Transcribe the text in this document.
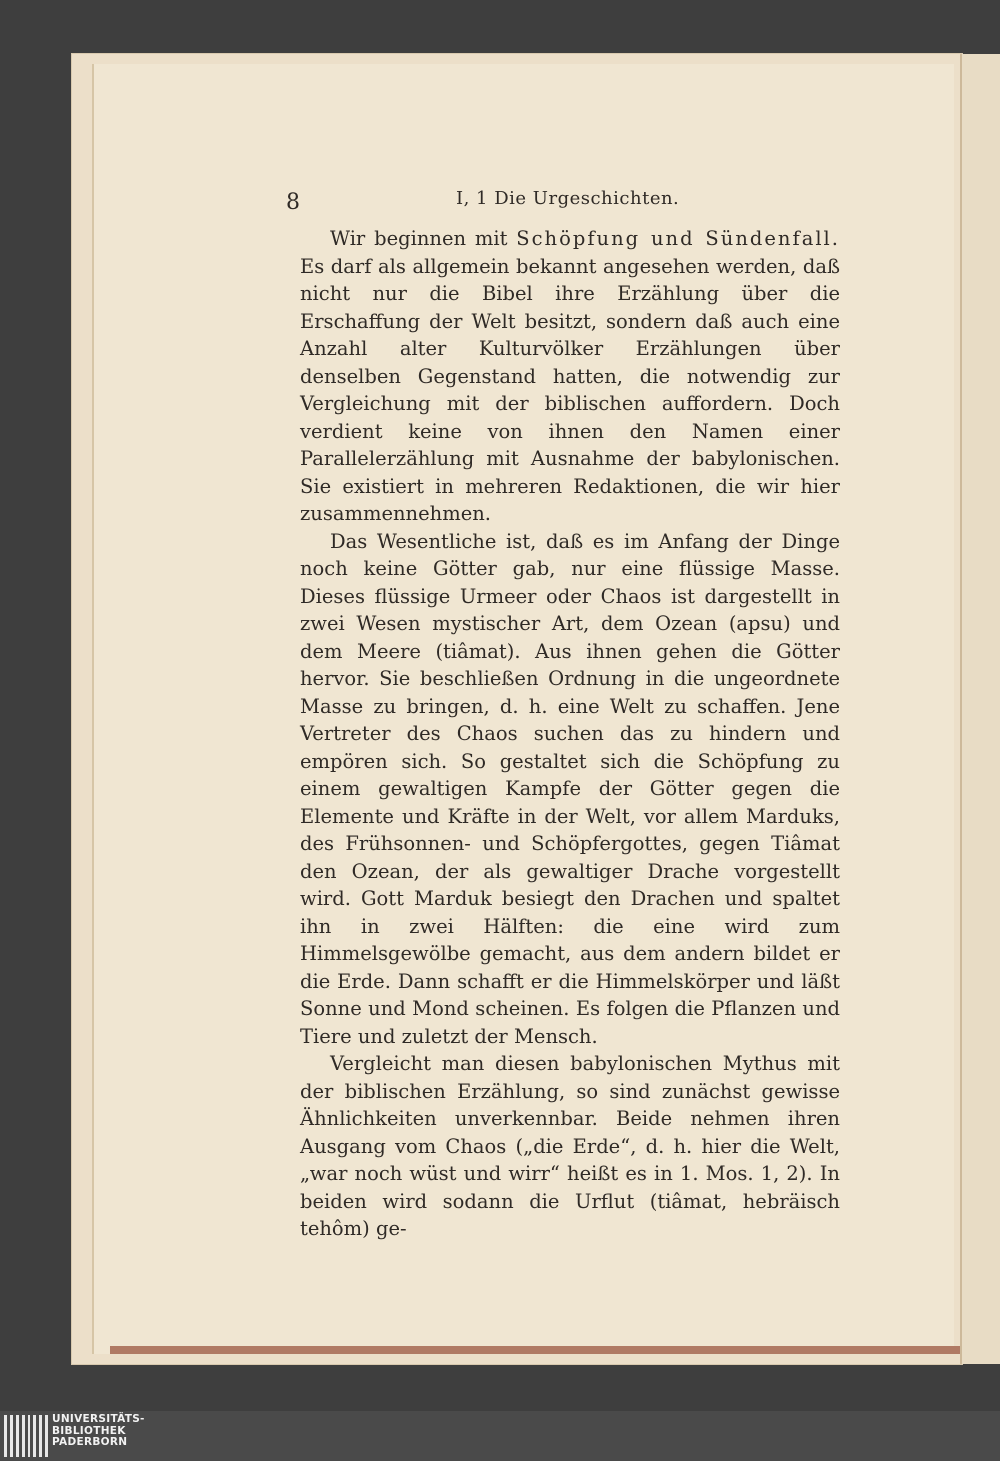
8	I, 1 Die Urgeschichten.

Wir beginnen mit Schöpfung und Sündenfall. Es darf als allgemein bekannt angesehen werden, daß nicht nur die Bibel ihre Erzählung über die Erschaffung der Welt besitzt, sondern daß auch eine Anzahl alter Kulturvölker Erzählungen über denselben Gegenstand hatten, die notwendig zur Vergleichung mit der biblischen auffordern. Doch verdient keine von ihnen den Namen einer Parallelerzählung mit Ausnahme der babylonischen. Sie existiert in mehreren Redaktionen, die wir hier zusammennehmen.

Das Wesentliche ist, daß es im Anfang der Dinge noch keine Götter gab, nur eine flüssige Masse. Dieses flüssige Urmeer oder Chaos ist dargestellt in zwei Wesen mystischer Art, dem Ozean (apsu) und dem Meere (tiâmat). Aus ihnen gehen die Götter hervor. Sie beschließen Ordnung in die ungeordnete Masse zu bringen, d. h. eine Welt zu schaffen. Jene Vertreter des Chaos suchen das zu hindern und empören sich. So gestaltet sich die Schöpfung zu einem gewaltigen Kampfe der Götter gegen die Elemente und Kräfte in der Welt, vor allem Marduks, des Frühsonnen- und Schöpfergottes, gegen Tiâmat den Ozean, der als gewaltiger Drache vorgestellt wird. Gott Marduk besiegt den Drachen und spaltet ihn in zwei Hälften: die eine wird zum Himmelsgewölbe gemacht, aus dem andern bildet er die Erde. Dann schafft er die Himmelskörper und läßt Sonne und Mond scheinen. Es folgen die Pflanzen und Tiere und zuletzt der Mensch.

Vergleicht man diesen babylonischen Mythus mit der biblischen Erzählung, so sind zunächst gewisse Ähnlichkeiten unverkennbar. Beide nehmen ihren Ausgang vom Chaos („die Erde“, d. h. hier die Welt, „war noch wüst und wirr“ heißt es in 1. Mos. 1, 2). In beiden wird sodann die Urflut (tiâmat, hebräisch tehôm) ge-

UNIVERSITÄTS-
BIBLIOTHEK
PADERBORN
